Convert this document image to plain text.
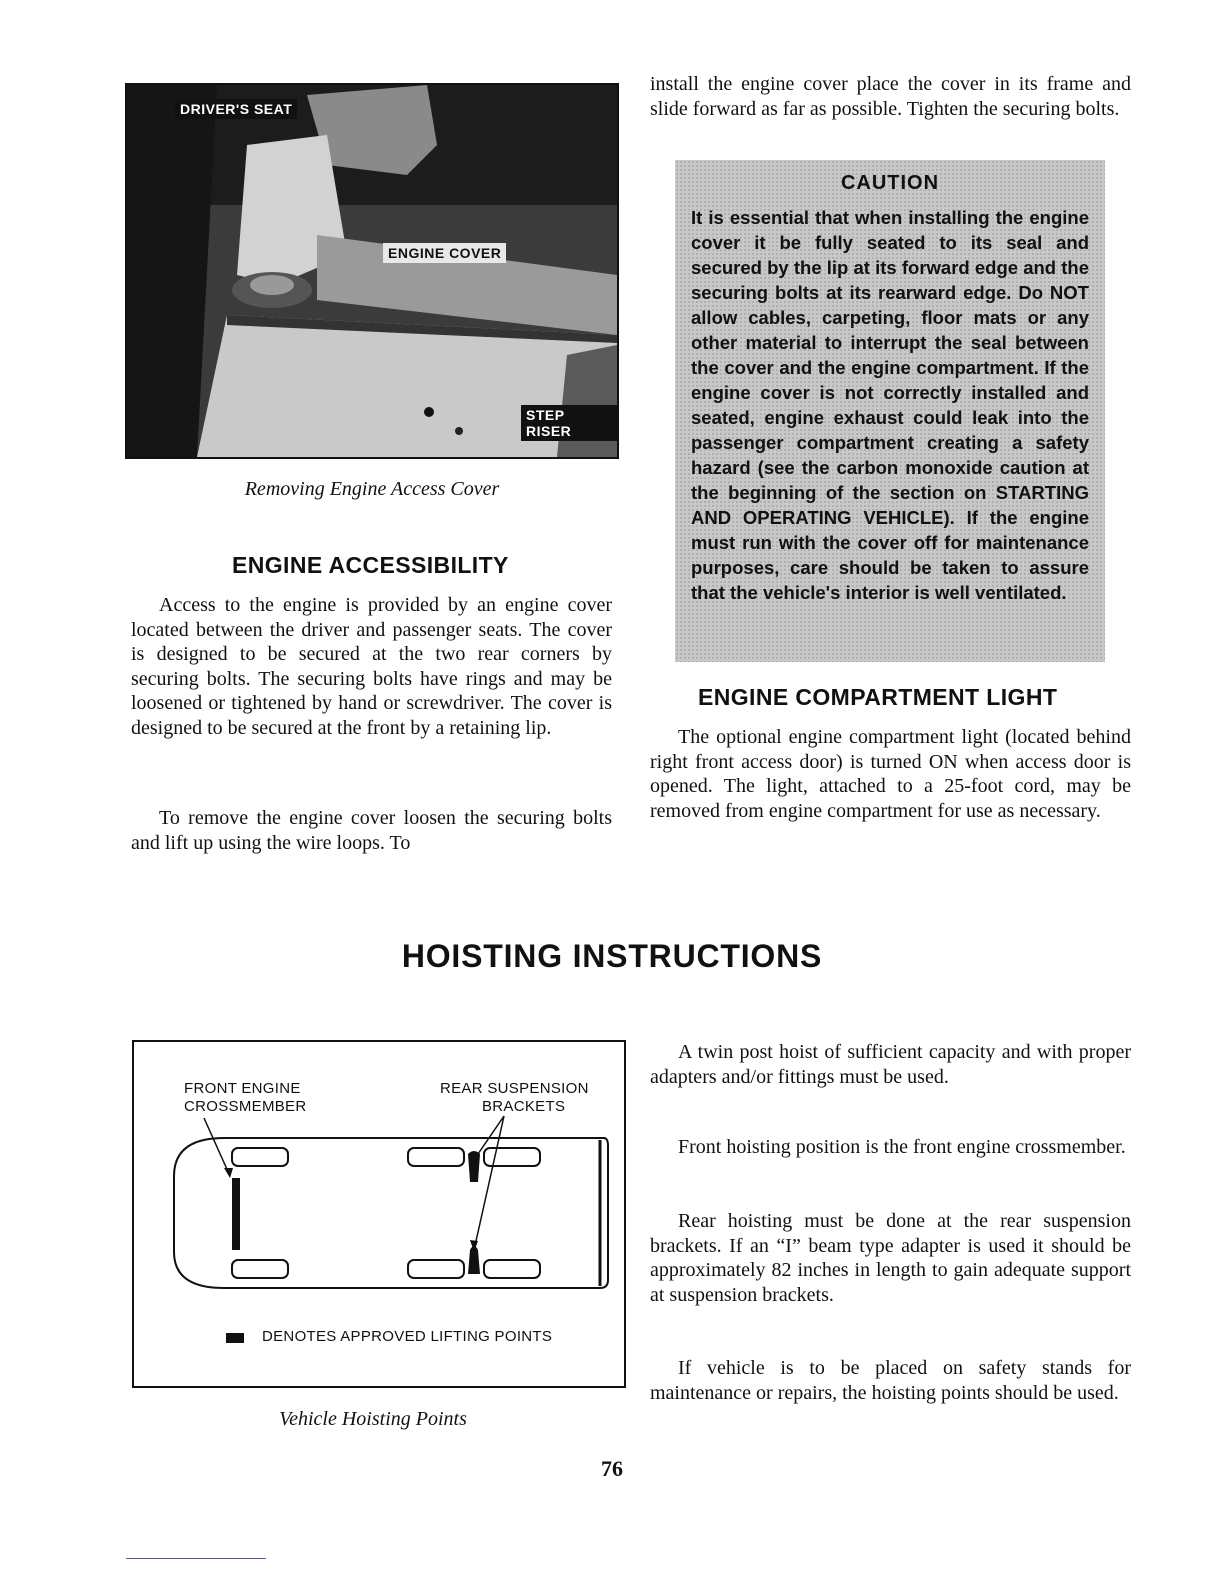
DRIVER'S SEAT
ENGINE COVER
STEP RISER
Removing Engine Access Cover
ENGINE ACCESSIBILITY

Access to the engine is provided by an engine cover located between the driver and passenger seats. The cover is designed to be secured at the two rear corners by securing bolts. The securing bolts have rings and may be loosened or tightened by hand or screwdriver. The cover is designed to be secured at the front by a retaining lip.

To remove the engine cover loosen the securing bolts and lift up using the wire loops. To

install the engine cover place the cover in its frame and slide forward as far as possible. Tighten the securing bolts.

CAUTION

It is essential that when installing the engine cover it be fully seated to its seal and secured by the lip at its forward edge and the securing bolts at its rearward edge. Do NOT allow cables, carpeting, floor mats or any other material to interrupt the seal between the cover and the engine compartment. If the engine cover is not correctly installed and seated, engine exhaust could leak into the passenger compartment creating a safety hazard (see the carbon monoxide caution at the beginning of the section on STARTING AND OPERATING VEHICLE). If the engine must run with the cover off for maintenance purposes, care should be taken to assure that the vehicle's interior is well ventilated.

ENGINE COMPARTMENT LIGHT

The optional engine compartment light (located behind right front access door) is turned ON when access door is opened. The light, attached to a 25-foot cord, may be removed from engine compartment for use as necessary.

HOISTING INSTRUCTIONS
FRONT ENGINE
CROSSMEMBER
REAR SUSPENSION
BRACKETS
DENOTES APPROVED LIFTING POINTS
Vehicle Hoisting Points

A twin post hoist of sufficient capacity and with proper adapters and/or fittings must be used.

Front hoisting position is the front engine crossmember.

Rear hoisting must be done at the rear suspension brackets. If an “I” beam type adapter is used it should be approximately 82 inches in length to gain adequate support at suspension brackets.

If vehicle is to be placed on safety stands for maintenance or repairs, the hoisting points should be used.

76
